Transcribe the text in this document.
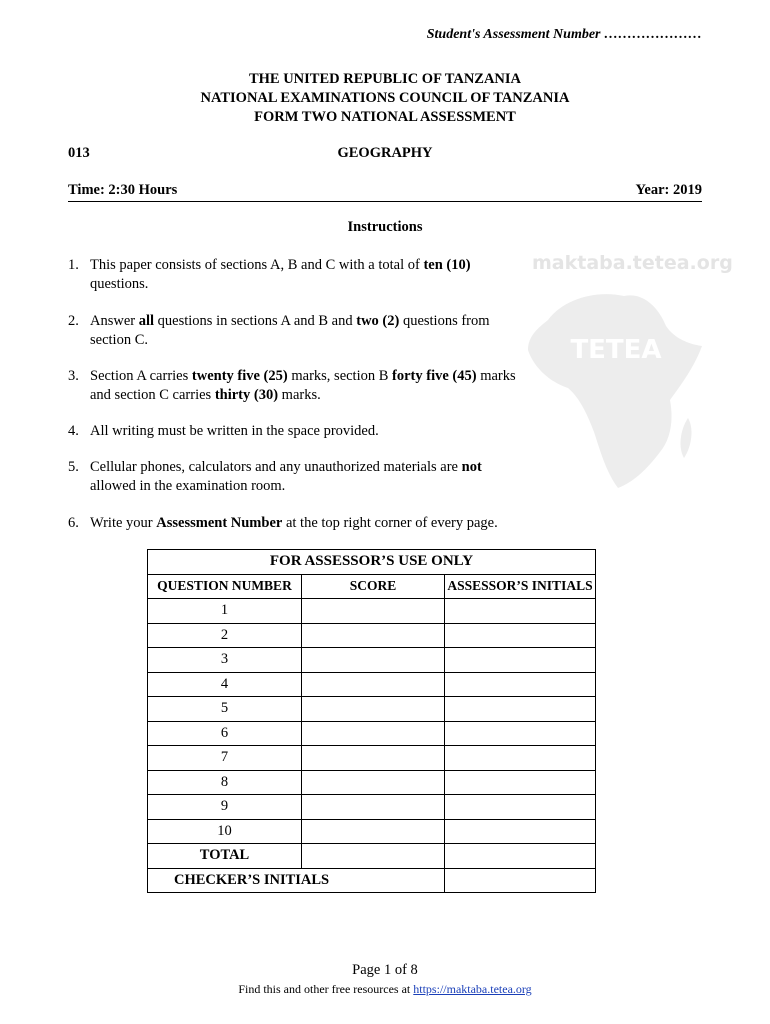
Student's Assessment Number …………………
THE UNITED REPUBLIC OF TANZANIA
NATIONAL EXAMINATIONS COUNCIL OF TANZANIA
FORM TWO NATIONAL ASSESSMENT
013	GEOGRAPHY
Time: 2:30 Hours	Year: 2019
maktaba.tetea.org
TETEA
Instructions
1. This paper consists of sections A, B and C with a total of ten (10) questions.
2. Answer all questions in sections A and B and two (2) questions from section C.
3. Section A carries twenty five (25) marks, section B forty five (45) marks and section C carries thirty (30) marks.
4. All writing must be written in the space provided.
5. Cellular phones, calculators and any unauthorized materials are not allowed in the examination room.
6. Write your Assessment Number at the top right corner of every page.
FOR ASSESSOR’S USE ONLY		
QUESTION NUMBER	SCORE	ASSESSOR’S INITIALS
1		
2		
3		
4		
5		
6		
7		
8		
9		
10		
TOTAL		
CHECKER’S INITIALS		
Page 1 of 8
Find this and other free resources at https://maktaba.tetea.org
